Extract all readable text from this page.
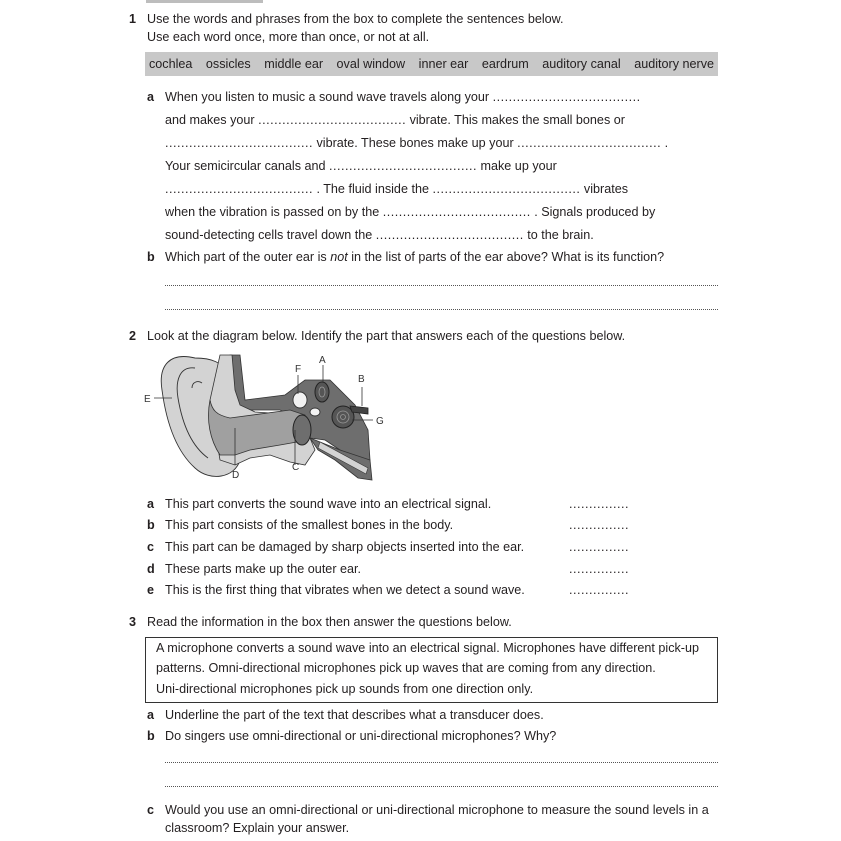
1 Use the words and phrases from the box to complete the sentences below.
Use each word once, more than once, or not at all.
cochlea ossicles middle ear oval window inner ear eardrum auditory canal auditory nerve
a When you listen to music a sound wave travels along your .....................................
and makes your ..................................... vibrate. This makes the small bones or
..................................... vibrate. These bones make up your .................................... .
Your semicircular canals and ..................................... make up your
..................................... . The fluid inside the ..................................... vibrates
when the vibration is passed on by the ..................................... . Signals produced by
sound-detecting cells travel down the ..................................... to the brain.
b Which part of the outer ear is not in the list of parts of the ear above? What is its function?
2 Look at the diagram below. Identify the part that answers each of the questions below.
E
D
C
F
A
B
G
a This part converts the sound wave into an electrical signal.	...............
b This part consists of the smallest bones in the body.	...............
c This part can be damaged by sharp objects inserted into the ear.	...............
d These parts make up the outer ear.	...............
e This is the first thing that vibrates when we detect a sound wave.	...............
3 Read the information in the box then answer the questions below.
A microphone converts a sound wave into an electrical signal. Microphones have different pick-up
patterns. Omni-directional microphones pick up waves that are coming from any direction.
Uni-directional microphones pick up sounds from one direction only.
a Underline the part of the text that describes what a transducer does.
b Do singers use omni-directional or uni-directional microphones? Why?
c Would you use an omni-directional or uni-directional microphone to measure the sound levels in a
classroom? Explain your answer.
